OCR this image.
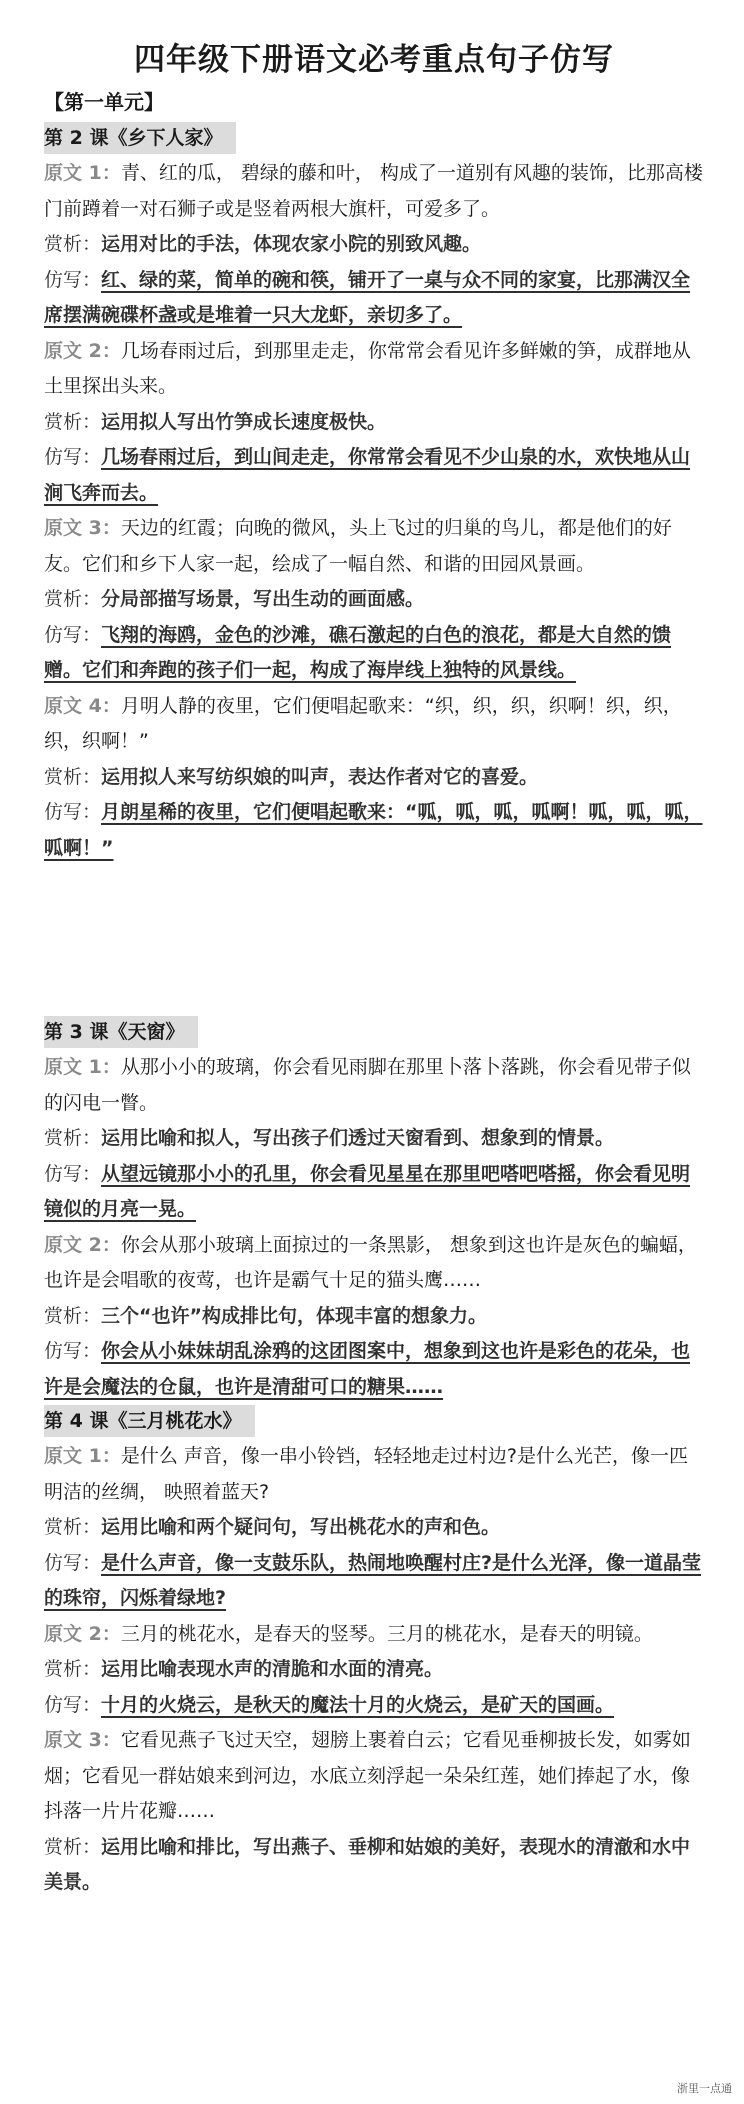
四年级下册语文必考重点句子仿写
【第一单元】
第 2 课《乡下人家》

原文 1：青、红的瓜， 碧绿的藤和叶， 构成了一道别有风趣的装饰，比那高楼门前蹲着一对石狮子或是竖着两根大旗杆，可爱多了。

赏析：运用对比的手法，体现农家小院的别致风趣。

仿写：红、绿的菜，简单的碗和筷，铺开了一桌与众不同的家宴，比那满汉全席摆满碗碟杯盏或是堆着一只大龙虾，亲切多了。

原文 2：几场春雨过后，到那里走走，你常常会看见许多鲜嫩的笋，成群地从土里探出头来。

赏析：运用拟人写出竹笋成长速度极快。

仿写：几场春雨过后，到山间走走，你常常会看见不少山泉的水，欢快地从山涧飞奔而去。

原文 3：天边的红霞；向晚的微风，头上飞过的归巢的鸟儿，都是他们的好友。它们和乡下人家一起，绘成了一幅自然、和谐的田园风景画。

赏析：分局部描写场景，写出生动的画面感。

仿写：飞翔的海鸥，金色的沙滩，礁石激起的白色的浪花，都是大自然的馈赠。它们和奔跑的孩子们一起，构成了海岸线上独特的风景线。

原文 4：月明人静的夜里，它们便唱起歌来：“织，织，织，织啊！织，织，织，织啊！”

赏析：运用拟人来写纺织娘的叫声，表达作者对它的喜爱。

仿写：月朗星稀的夜里，它们便唱起歌来：“呱，呱，呱，呱啊！呱，呱，呱，呱啊！”

第 3 课《天窗》

原文 1：从那小小的玻璃，你会看见雨脚在那里卜落卜落跳，你会看见带子似的闪电一瞥。

赏析：运用比喻和拟人，写出孩子们透过天窗看到、想象到的情景。

仿写：从望远镜那小小的孔里，你会看见星星在那里吧嗒吧嗒摇，你会看见明镜似的月亮一晃。

原文 2：你会从那小玻璃上面掠过的一条黑影， 想象到这也许是灰色的蝙蝠，也许是会唱歌的夜莺，也许是霸气十足的猫头鹰……

赏析：三个“也许”构成排比句，体现丰富的想象力。

仿写：你会从小妹妹胡乱涂鸦的这团图案中，想象到这也许是彩色的花朵，也许是会魔法的仓鼠，也许是清甜可口的糖果……

第 4 课《三月桃花水》

原文 1：是什么 声音，像一串小铃铛，轻轻地走过村边?是什么光芒，像一匹明洁的丝绸， 映照着蓝天?

赏析：运用比喻和两个疑问句，写出桃花水的声和色。

仿写：是什么声音，像一支鼓乐队，热闹地唤醒村庄?是什么光泽，像一道晶莹的珠帘，闪烁着绿地?

原文 2：三月的桃花水，是春天的竖琴。三月的桃花水，是春天的明镜。

赏析：运用比喻表现水声的清脆和水面的清亮。

仿写：十月的火烧云，是秋天的魔法十月的火烧云，是矿天的国画。

原文 3：它看见燕子飞过天空，翅膀上裹着白云；它看见垂柳披长发，如雾如烟；它看见一群姑娘来到河边，水底立刻浮起一朵朵红莲，她们捧起了水，像抖落一片片花瓣……

赏析：运用比喻和排比，写出燕子、垂柳和姑娘的美好，表现水的清澈和水中美景。

浙里一点通
